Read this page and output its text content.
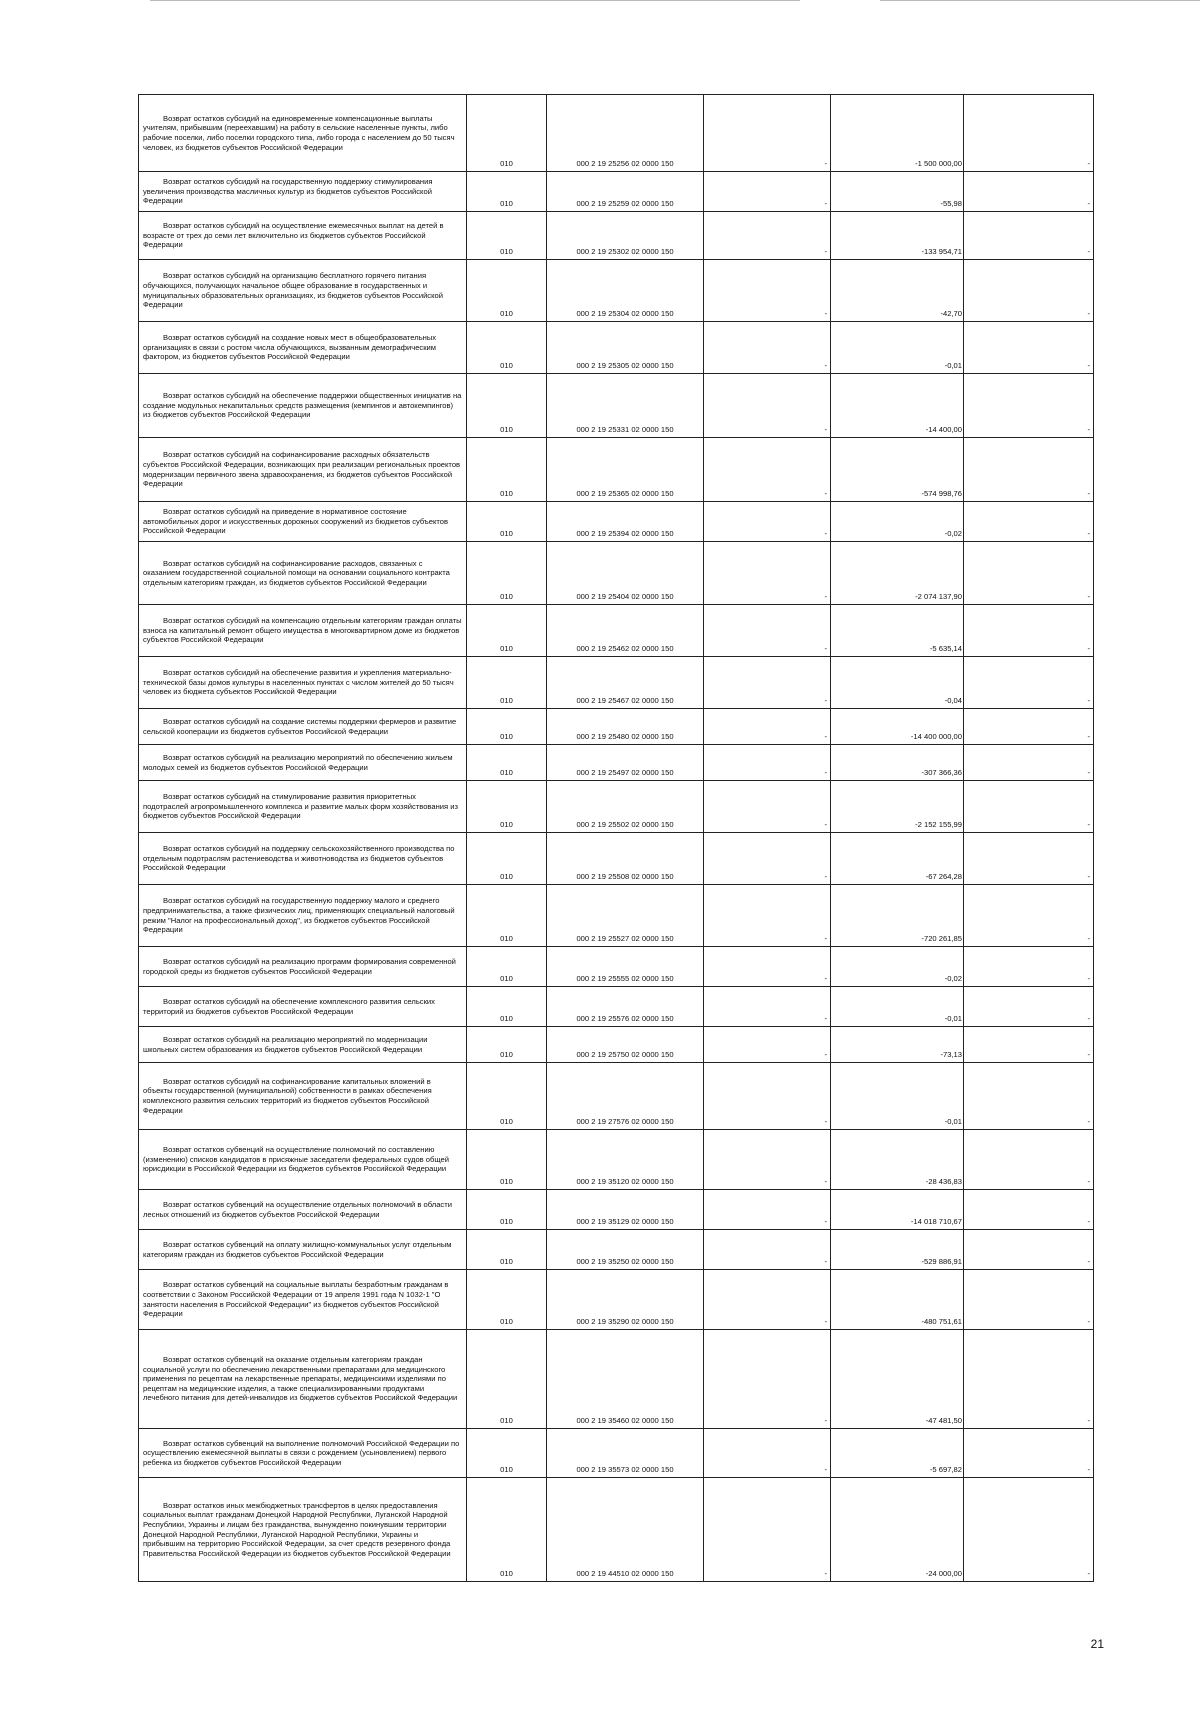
Возврат остатков субсидий на единовременные компенсационные выплаты учителям, прибывшим (переехавшим) на работу в сельские населенные пункты, либо рабочие поселки, либо поселки городского типа, либо города с населением до 50 тысяч человек, из бюджетов субъектов Российской Федерации	010	000 2 19 25256 02 0000 150	-	-1 500 000,00	-

Возврат остатков субсидий на государственную поддержку стимулирования увеличения производства масличных культур из бюджетов субъектов Российской Федерации	010	000 2 19 25259 02 0000 150	-	-55,98	-

Возврат остатков субсидий на осуществление ежемесячных выплат на детей в возрасте от трех до семи лет включительно из бюджетов субъектов Российской Федерации	010	000 2 19 25302 02 0000 150	-	-133 954,71	-

Возврат остатков субсидий на организацию бесплатного горячего питания обучающихся, получающих начальное общее образование в государственных и муниципальных образовательных организациях, из бюджетов субъектов Российской Федерации	010	000 2 19 25304 02 0000 150	-	-42,70	-

Возврат остатков субсидий на создание новых мест в общеобразовательных организациях в связи с ростом числа обучающихся, вызванным демографическим фактором, из бюджетов субъектов Российской Федерации	010	000 2 19 25305 02 0000 150	-	-0,01	-

Возврат остатков субсидий на обеспечение поддержки общественных инициатив на создание модульных некапитальных средств размещения (кемпингов и автокемпингов) из бюджетов субъектов Российской Федерации	010	000 2 19 25331 02 0000 150	-	-14 400,00	-

Возврат остатков субсидий на софинансирование расходных обязательств субъектов Российской Федерации, возникающих при реализации региональных проектов модернизации первичного звена здравоохранения, из бюджетов субъектов Российской Федерации	010	000 2 19 25365 02 0000 150	-	-574 998,76	-

Возврат остатков субсидий на приведение в нормативное состояние автомобильных дорог и искусственных дорожных сооружений из бюджетов субъектов Российской Федерации	010	000 2 19 25394 02 0000 150	-	-0,02	-

Возврат остатков субсидий на софинансирование расходов, связанных с оказанием государственной социальной помощи на основании социального контракта отдельным категориям граждан, из бюджетов субъектов Российской Федерации	010	000 2 19 25404 02 0000 150	-	-2 074 137,90	-

Возврат остатков субсидий на компенсацию отдельным категориям граждан оплаты взноса на капитальный ремонт общего имущества в многоквартирном доме из бюджетов субъектов Российской Федерации	010	000 2 19 25462 02 0000 150	-	-5 635,14	-

Возврат остатков субсидий на обеспечение развития и укрепления материально-технической базы домов культуры в населенных пунктах с числом жителей до 50 тысяч человек из бюджета субъектов Российской Федерации	010	000 2 19 25467 02 0000 150	-	-0,04	-

Возврат остатков субсидий на создание системы поддержки фермеров и развитие сельской кооперации из бюджетов субъектов Российской Федерации	010	000 2 19 25480 02 0000 150	-	-14 400 000,00	-

Возврат остатков субсидий на реализацию мероприятий по обеспечению жильем молодых семей из бюджетов субъектов Российской Федерации	010	000 2 19 25497 02 0000 150	-	-307 366,36	-

Возврат остатков субсидий на стимулирование развития приоритетных подотраслей агропромышленного комплекса и развитие малых форм хозяйствования из бюджетов субъектов Российской Федерации	010	000 2 19 25502 02 0000 150	-	-2 152 155,99	-

Возврат остатков субсидий на поддержку сельскохозяйственного производства по отдельным подотраслям растениеводства и животноводства из бюджетов субъектов Российской Федерации	010	000 2 19 25508 02 0000 150	-	-67 264,28	-

Возврат остатков субсидий на государственную поддержку малого и среднего предпринимательства, а также физических лиц, применяющих специальный налоговый режим "Налог на профессиональный доход", из бюджетов субъектов Российской Федерации	010	000 2 19 25527 02 0000 150	-	-720 261,85	-

Возврат остатков субсидий на реализацию программ формирования современной городской среды из бюджетов субъектов Российской Федерации	010	000 2 19 25555 02 0000 150	-	-0,02	-

Возврат остатков субсидий на обеспечение комплексного развития сельских территорий из бюджетов субъектов Российской Федерации	010	000 2 19 25576 02 0000 150	-	-0,01	-

Возврат остатков субсидий на реализацию мероприятий по модернизации школьных систем образования из бюджетов субъектов Российской Федерации	010	000 2 19 25750 02 0000 150	-	-73,13	-

Возврат остатков субсидий на софинансирование капитальных вложений в объекты государственной (муниципальной) собственности в рамках обеспечения комплексного развития сельских территорий из бюджетов субъектов Российской Федерации	010	000 2 19 27576 02 0000 150	-	-0,01	-

Возврат остатков субвенций на осуществление полномочий по составлению (изменению) списков кандидатов в присяжные заседатели федеральных судов общей юрисдикции в Российской Федерации из бюджетов субъектов Российской Федерации	010	000 2 19 35120 02 0000 150	-	-28 436,83	-

Возврат остатков субвенций на осуществление отдельных полномочий в области лесных отношений из бюджетов субъектов Российской Федерации	010	000 2 19 35129 02 0000 150	-	-14 018 710,67	-

Возврат остатков субвенций на оплату жилищно-коммунальных услуг отдельным категориям граждан из бюджетов субъектов Российской Федерации	010	000 2 19 35250 02 0000 150	-	-529 886,91	-

Возврат остатков субвенций на социальные выплаты безработным гражданам в соответствии с Законом Российской Федерации от 19 апреля 1991 года N 1032-1 "О занятости населения в Российской Федерации" из бюджетов субъектов Российской Федерации	010	000 2 19 35290 02 0000 150	-	-480 751,61	-

Возврат остатков субвенций на оказание отдельным категориям граждан социальной услуги по обеспечению лекарственными препаратами для медицинского применения по рецептам на лекарственные препараты, медицинскими изделиями по рецептам на медицинские изделия, а также специализированными продуктами лечебного питания для детей-инвалидов из бюджетов субъектов Российской Федерации	010	000 2 19 35460 02 0000 150	-	-47 481,50	-

Возврат остатков субвенций на выполнение полномочий Российской Федерации по осуществлению ежемесячной выплаты в связи с рождением (усыновлением) первого ребенка из бюджетов субъектов Российской Федерации	010	000 2 19 35573 02 0000 150	-	-5 697,82	-

Возврат остатков иных межбюджетных трансфертов в целях предоставления социальных выплат гражданам Донецкой Народной Республики, Луганской Народной Республики, Украины и лицам без гражданства, вынужденно покинувшим территории Донецкой Народной Республики, Луганской Народной Республики, Украины и прибывшим на территорию Российской Федерации, за счет средств резервного фонда Правительства Российской Федерации из бюджетов субъектов Российской Федерации	010	000 2 19 44510 02 0000 150	-	-24 000,00	-
21
